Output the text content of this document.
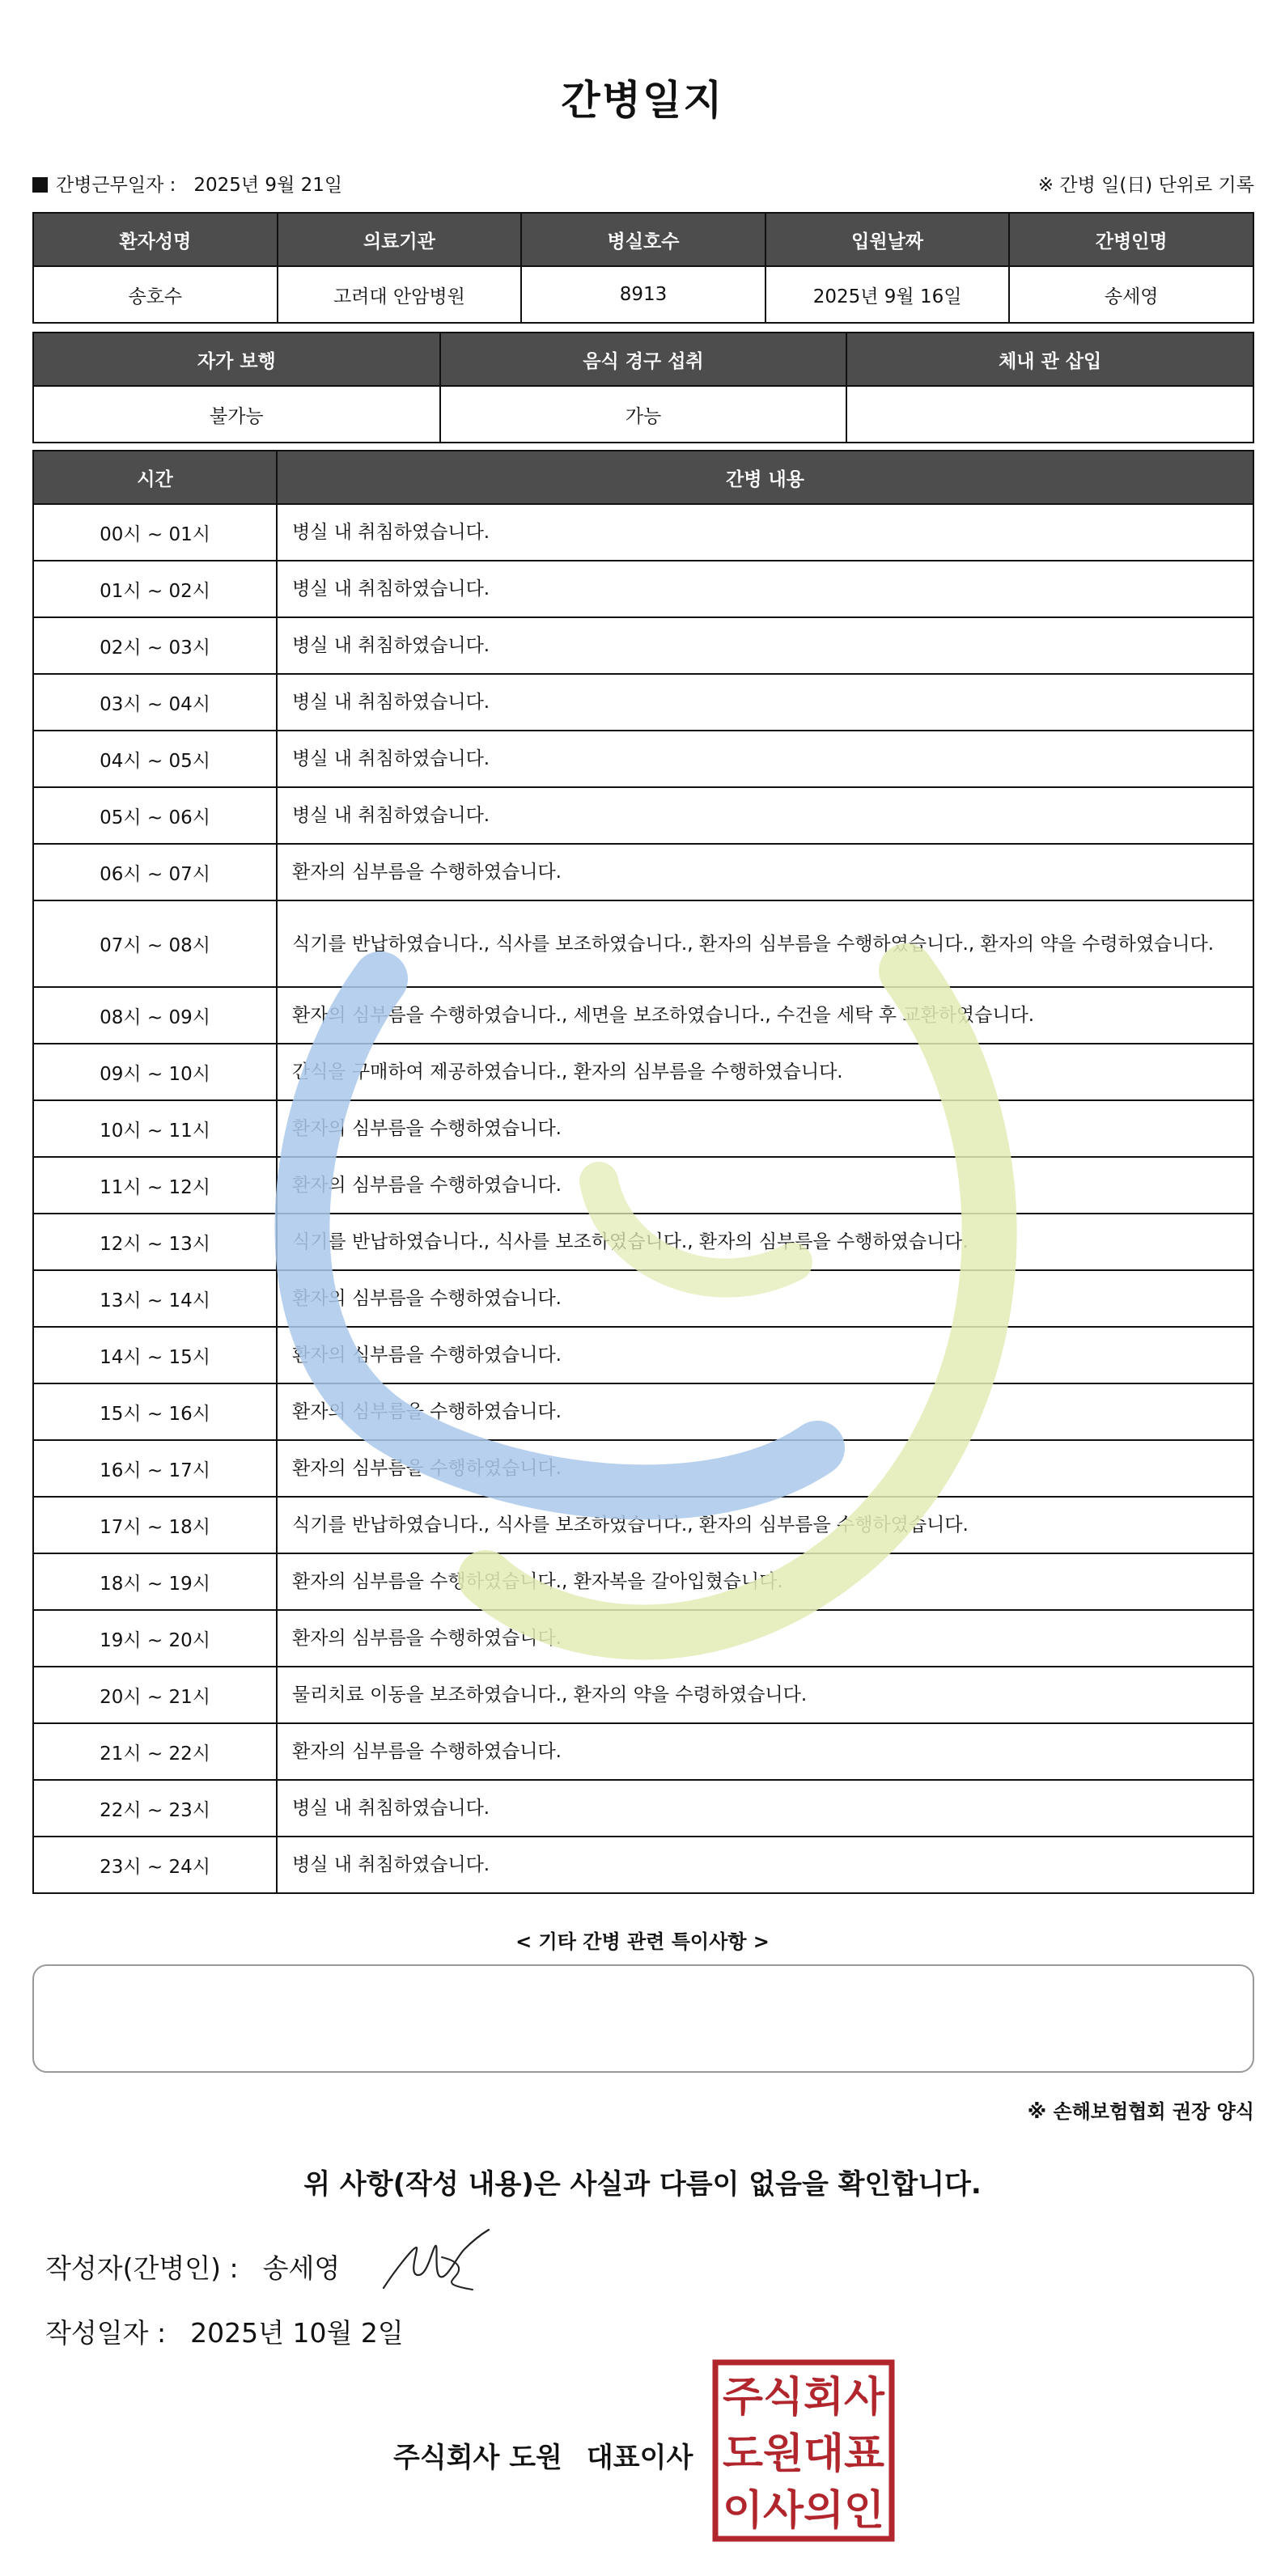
간병일지
간병근무일자 : 2025년 9월 21일	※ 간병 일(日) 단위로 기록
환자성명	의료기관	병실호수	입원날짜	간병인명
송호수	고려대 안암병원	8913	2025년 9월 16일	송세영
자가 보행	음식 경구 섭취	체내 관 삽입
불가능	가능	
시간	간병 내용
00시 ~ 01시	병실 내 취침하였습니다.
01시 ~ 02시	병실 내 취침하였습니다.
02시 ~ 03시	병실 내 취침하였습니다.
03시 ~ 04시	병실 내 취침하였습니다.
04시 ~ 05시	병실 내 취침하였습니다.
05시 ~ 06시	병실 내 취침하였습니다.
06시 ~ 07시	환자의 심부름을 수행하였습니다.
07시 ~ 08시	식기를 반납하였습니다., 식사를 보조하였습니다., 환자의 심부름을 수행하였습니다., 환자의 약을 수령하였습니다.
08시 ~ 09시	환자의 심부름을 수행하였습니다., 세면을 보조하였습니다., 수건을 세탁 후 교환하였습니다.
09시 ~ 10시	간식을 구매하여 제공하였습니다., 환자의 심부름을 수행하였습니다.
10시 ~ 11시	환자의 심부름을 수행하였습니다.
11시 ~ 12시	환자의 심부름을 수행하였습니다.
12시 ~ 13시	식기를 반납하였습니다., 식사를 보조하였습니다., 환자의 심부름을 수행하였습니다.
13시 ~ 14시	환자의 심부름을 수행하였습니다.
14시 ~ 15시	환자의 심부름을 수행하였습니다.
15시 ~ 16시	환자의 심부름을 수행하였습니다.
16시 ~ 17시	환자의 심부름을 수행하였습니다.
17시 ~ 18시	식기를 반납하였습니다., 식사를 보조하였습니다., 환자의 심부름을 수행하였습니다.
18시 ~ 19시	환자의 심부름을 수행하였습니다., 환자복을 갈아입혔습니다.
19시 ~ 20시	환자의 심부름을 수행하였습니다.
20시 ~ 21시	물리치료 이동을 보조하였습니다., 환자의 약을 수령하였습니다.
21시 ~ 22시	환자의 심부름을 수행하였습니다.
22시 ~ 23시	병실 내 취침하였습니다.
23시 ~ 24시	병실 내 취침하였습니다.
< 기타 간병 관련 특이사항 >
※ 손해보험협회 권장 양식
위 사항(작성 내용)은 사실과 다름이 없음을 확인합니다.
작성자(간병인) : 송세영
작성일자 : 2025년 10월 2일
주식회사 도원 대표이사
주식회사
도원대표
이사의인
